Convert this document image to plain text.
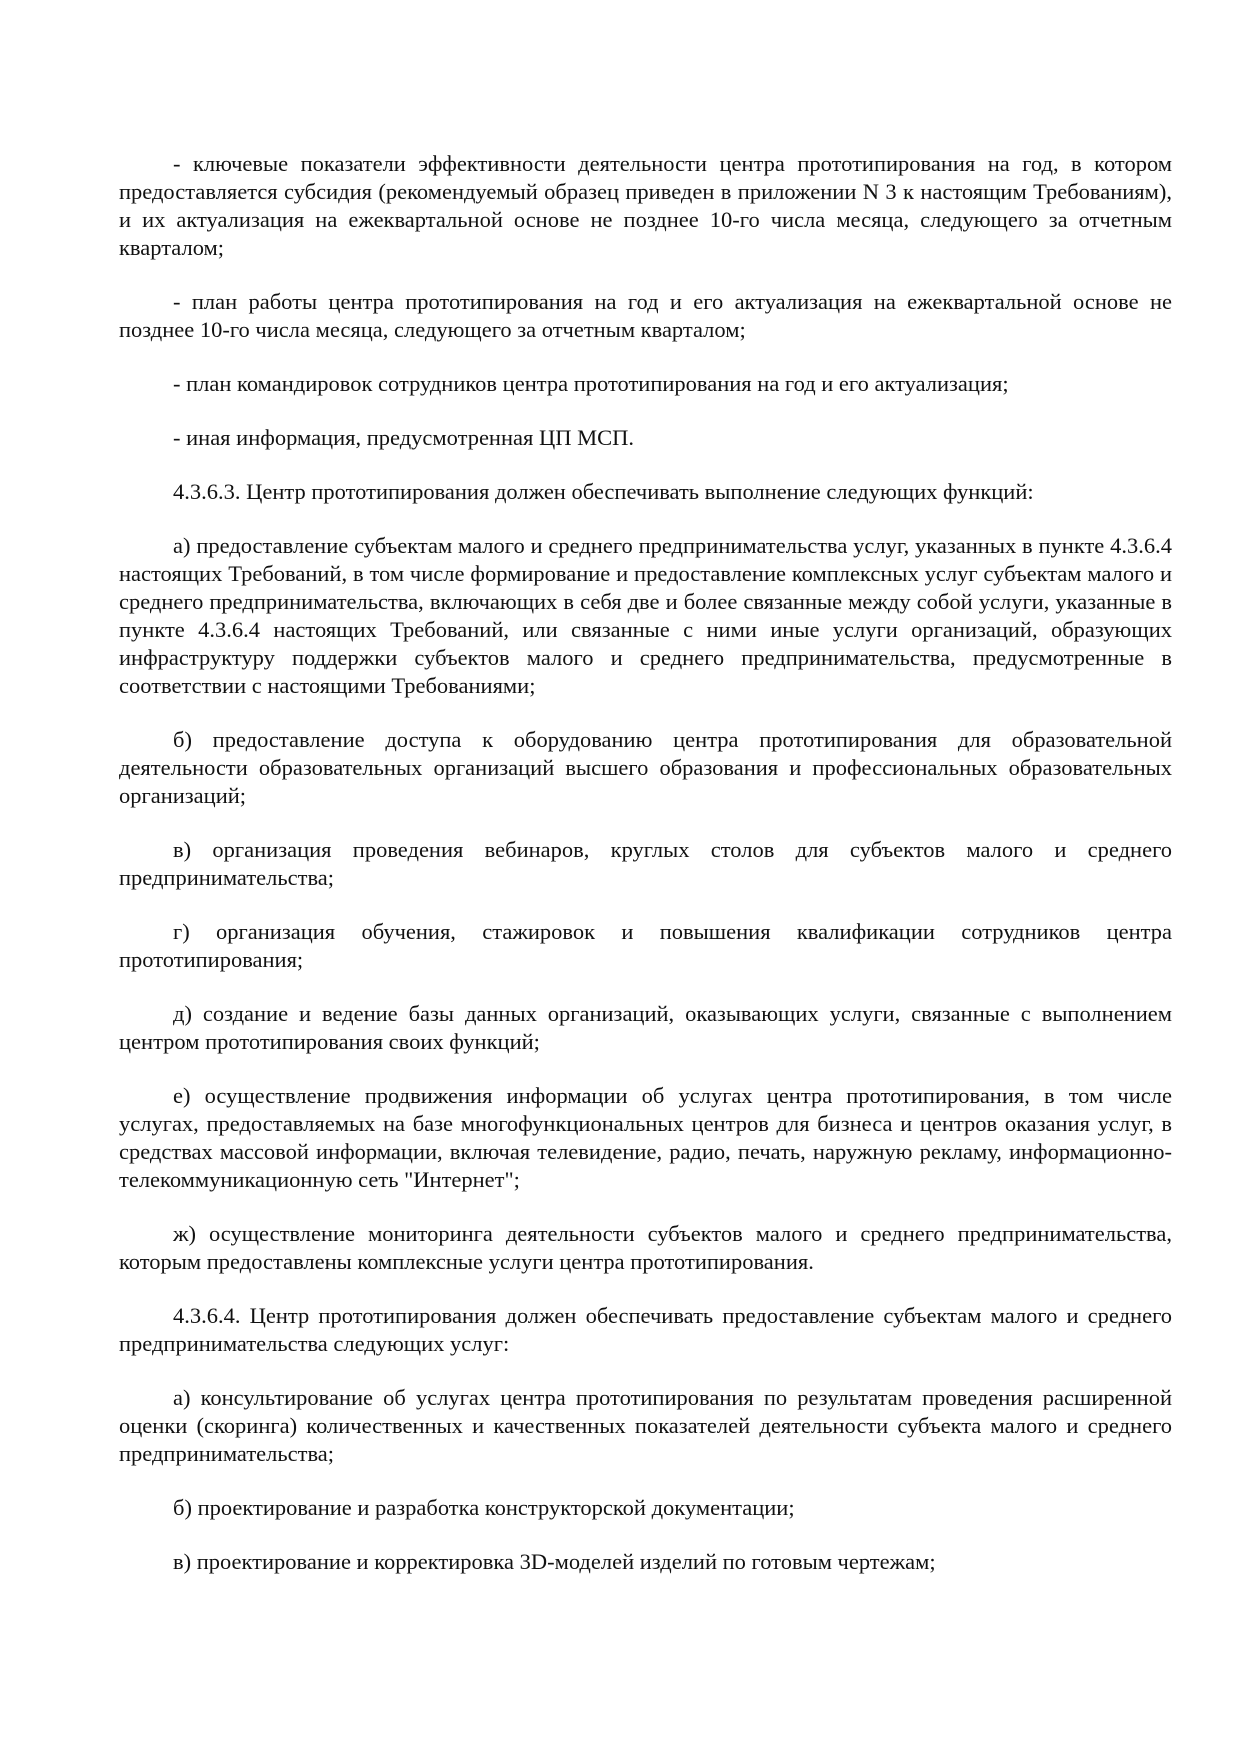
- ключевые показатели эффективности деятельности центра прототипирования на год, в котором предоставляется субсидия (рекомендуемый образец приведен в приложении N 3 к настоящим Требованиям), и их актуализация на ежеквартальной основе не позднее 10-го числа месяца, следующего за отчетным кварталом;

- план работы центра прототипирования на год и его актуализация на ежеквартальной основе не позднее 10-го числа месяца, следующего за отчетным кварталом;

- план командировок сотрудников центра прототипирования на год и его актуализация;

- иная информация, предусмотренная ЦП МСП.

4.3.6.3. Центр прототипирования должен обеспечивать выполнение следующих функций:

а) предоставление субъектам малого и среднего предпринимательства услуг, указанных в пункте 4.3.6.4 настоящих Требований, в том числе формирование и предоставление комплексных услуг субъектам малого и среднего предпринимательства, включающих в себя две и более связанные между собой услуги, указанные в пункте 4.3.6.4 настоящих Требований, или связанные с ними иные услуги организаций, образующих инфраструктуру поддержки субъектов малого и среднего предпринимательства, предусмотренные в соответствии с настоящими Требованиями;

б) предоставление доступа к оборудованию центра прототипирования для образовательной деятельности образовательных организаций высшего образования и профессиональных образовательных организаций;

в) организация проведения вебинаров, круглых столов для субъектов малого и среднего предпринимательства;

г) организация обучения, стажировок и повышения квалификации сотрудников центра прототипирования;

д) создание и ведение базы данных организаций, оказывающих услуги, связанные с выполнением центром прототипирования своих функций;

е) осуществление продвижения информации об услугах центра прототипирования, в том числе услугах, предоставляемых на базе многофункциональных центров для бизнеса и центров оказания услуг, в средствах массовой информации, включая телевидение, радио, печать, наружную рекламу, информационно-телекоммуникационную сеть "Интернет";

ж) осуществление мониторинга деятельности субъектов малого и среднего предпринимательства, которым предоставлены комплексные услуги центра прототипирования.

4.3.6.4. Центр прототипирования должен обеспечивать предоставление субъектам малого и среднего предпринимательства следующих услуг:

а) консультирование об услугах центра прототипирования по результатам проведения расширенной оценки (скоринга) количественных и качественных показателей деятельности субъекта малого и среднего предпринимательства;

б) проектирование и разработка конструкторской документации;

в) проектирование и корректировка 3D-моделей изделий по готовым чертежам;
